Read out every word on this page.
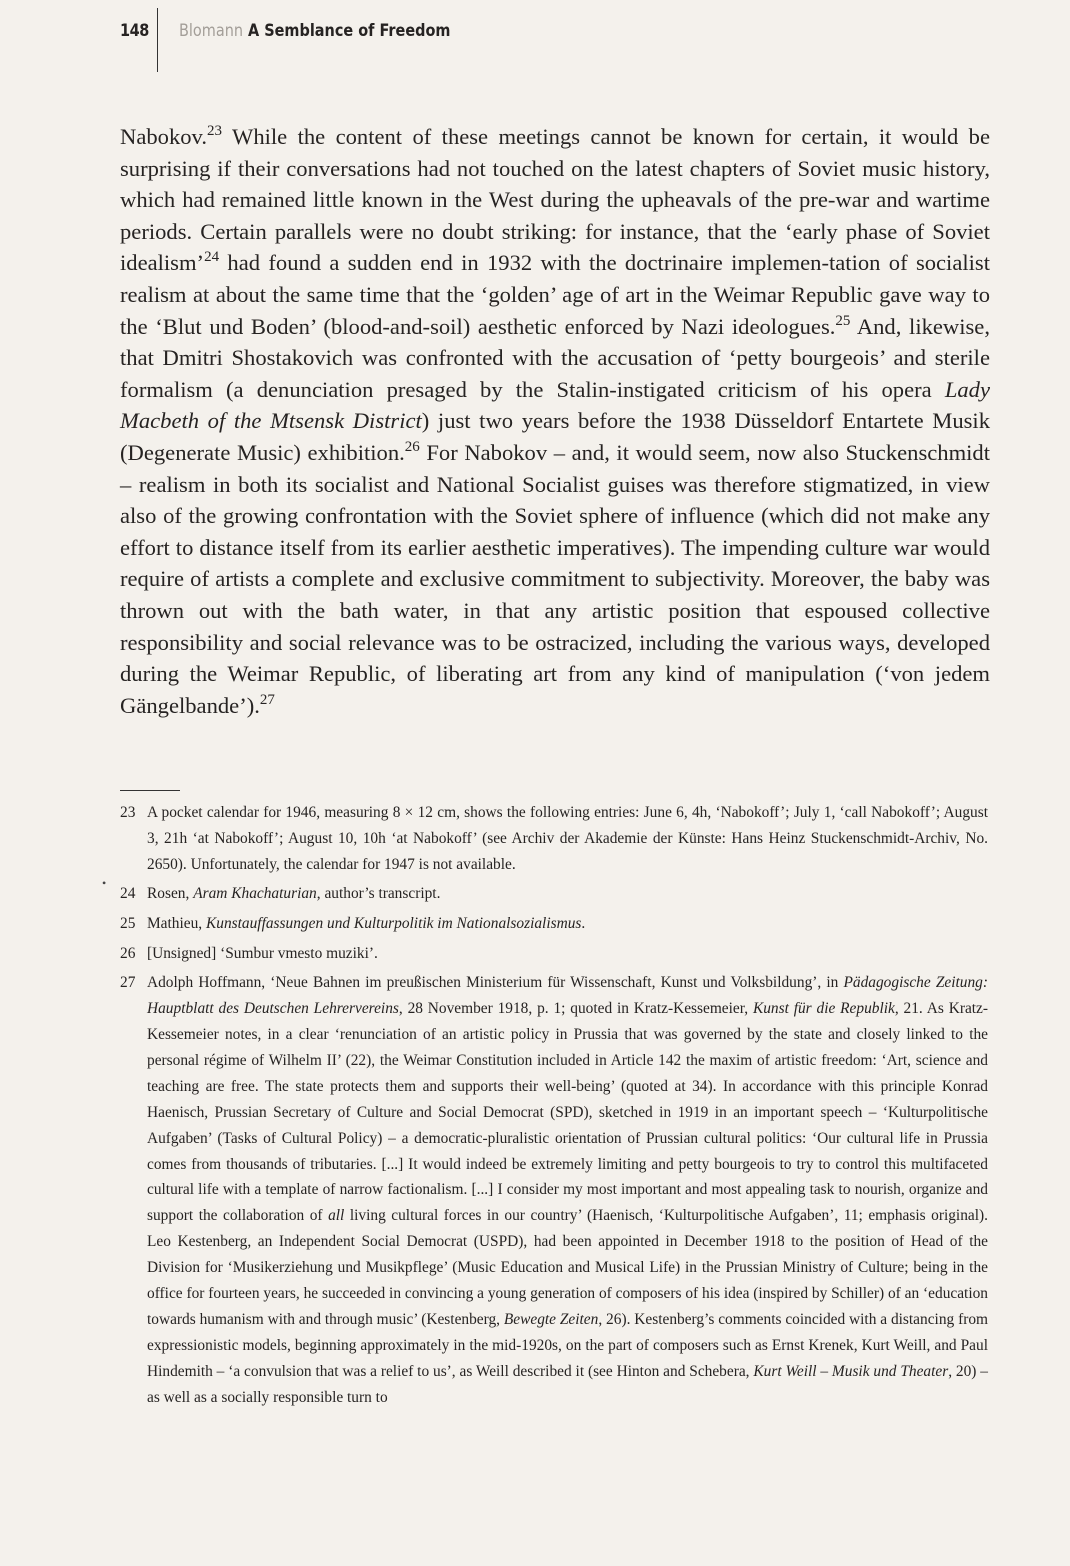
148	Blomann A Semblance of Freedom

Nabokov.$^{23}$ While the content of these meetings cannot be known for certain, it would be surprising if their conversations had not touched on the latest chapters of Soviet music history, which had remained little known in the West during the upheavals of the pre-war and wartime periods. Certain parallels were no doubt striking: for instance, that the ‘early phase of Soviet idealism’$^{24}$ had found a sudden end in 1932 with the doctrinaire implemen-tation of socialist realism at about the same time that the ‘golden’ age of art in the Weimar Republic gave way to the ‘Blut und Boden’ (blood-and-soil) aesthetic enforced by Nazi ideologues.$^{25}$ And, likewise, that Dmitri Shostakovich was confronted with the accusation of ‘petty bourgeois’ and sterile formalism (a denunciation presaged by the Stalin-instigated criticism of his opera Lady Macbeth of the Mtsensk District) just two years before the 1938 Düsseldorf Entartete Musik (Degenerate Music) exhibition.$^{26}$ For Nabokov – and, it would seem, now also Stuckenschmidt – realism in both its socialist and National Socialist guises was therefore stigmatized, in view also of the growing confrontation with the Soviet sphere of influence (which did not make any effort to distance itself from its earlier aesthetic imperatives). The impending culture war would require of artists a complete and exclusive commitment to subjectivity. Moreover, the baby was thrown out with the bath water, in that any artistic position that espoused collective responsibility and social relevance was to be ostracized, including the various ways, developed during the Weimar Republic, of liberating art from any kind of manipulation (‘von jedem Gängelbande’).$^{27}$

•
23 A pocket calendar for 1946, measuring 8 × 12 cm, shows the following entries: June 6, 4h, ‘Nabokoff’; July 1, ‘call Nabokoff’; August 3, 21h ‘at Nabokoff’; August 10, 10h ‘at Nabokoff’ (see Archiv der Akademie der Künste: Hans Heinz Stuckenschmidt-Archiv, No. 2650). Unfortunately, the calendar for 1947 is not available.
24 Rosen, Aram Khachaturian, author’s transcript.
25 Mathieu, Kunstauffassungen und Kulturpolitik im Nationalsozialismus.
26 [Unsigned] ‘Sumbur vmesto muziki’.
27 Adolph Hoffmann, ‘Neue Bahnen im preußischen Ministerium für Wissenschaft, Kunst und Volksbildung’, in Pädagogische Zeitung: Hauptblatt des Deutschen Lehrervereins, 28 November 1918, p. 1; quoted in Kratz-Kessemeier, Kunst für die Republik, 21. As Kratz-Kessemeier notes, in a clear ‘renunciation of an artistic policy in Prussia that was governed by the state and closely linked to the personal régime of Wilhelm II’ (22), the Weimar Constitution included in Article 142 the maxim of artistic freedom: ‘Art, science and teaching are free. The state protects them and supports their well-being’ (quoted at 34). In accordance with this principle Konrad Haenisch, Prussian Secretary of Culture and Social Democrat (SPD), sketched in 1919 in an important speech – ‘Kulturpolitische Aufgaben’ (Tasks of Cultural Policy) – a democratic-pluralistic orientation of Prussian cultural politics: ‘Our cultural life in Prussia comes from thousands of tributaries. [...] It would indeed be extremely limiting and petty bourgeois to try to control this multifaceted cultural life with a template of narrow factionalism. [...] I consider my most important and most appealing task to nourish, organize and support the collaboration of all living cultural forces in our country’ (Haenisch, ‘Kulturpolitische Aufgaben’, 11; emphasis original). Leo Kestenberg, an Independent Social Democrat (USPD), had been appointed in December 1918 to the position of Head of the Division for ‘Musikerziehung und Musikpflege’ (Music Education and Musical Life) in the Prussian Ministry of Culture; being in the office for fourteen years, he succeeded in convincing a young generation of composers of his idea (inspired by Schiller) of an ‘education towards humanism with and through music’ (Kestenberg, Bewegte Zeiten, 26). Kestenberg’s comments coincided with a distancing from expressionistic models, beginning approximately in the mid-1920s, on the part of composers such as Ernst Krenek, Kurt Weill, and Paul Hindemith – ‘a convulsion that was a relief to us’, as Weill described it (see Hinton and Schebera, Kurt Weill – Musik und Theater, 20) – as well as a socially responsible turn to
